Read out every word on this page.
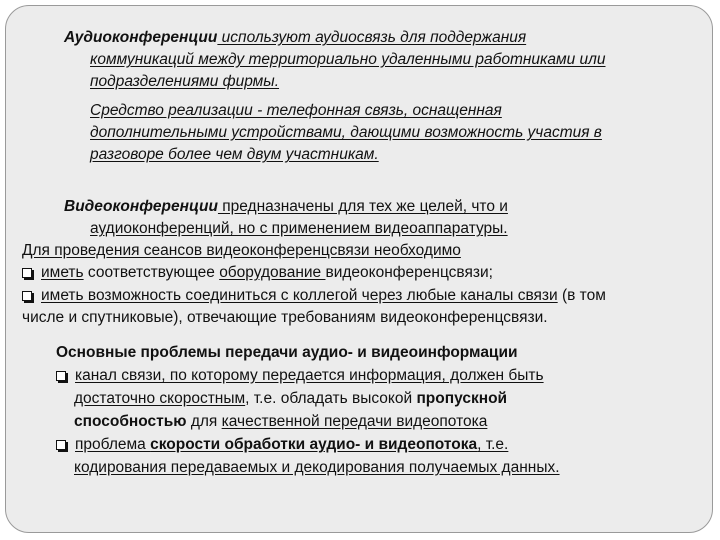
Аудиоконференции используют аудиосвязь для поддержания
коммуникаций между территориально удаленными работниками или
подразделениями фирмы.
Средство реализации - телефонная связь, оснащенная
дополнительными устройствами, дающими возможность участия в
разговоре более чем двум участникам.
Видеоконференции предназначены для тех же целей, что и
аудиоконференций, но с применением видеоаппаратуры.
Для проведения сеансов видеоконференцсвязи необходимо
иметь соответствующее оборудование видеоконференцсвязи;
иметь возможность соединиться с коллегой через любые каналы связи (в том
числе и спутниковые), отвечающие требованиям видеоконференцсвязи.
Основные проблемы передачи аудио- и видеоинформации
канал связи, по которому передается информация, должен быть
достаточно скоростным, т.е. обладать высокой пропускной
способностью для качественной передачи видеопотока
проблема скорости обработки аудио- и видеопотока, т.е.
кодирования передаваемых и декодирования получаемых данных.
